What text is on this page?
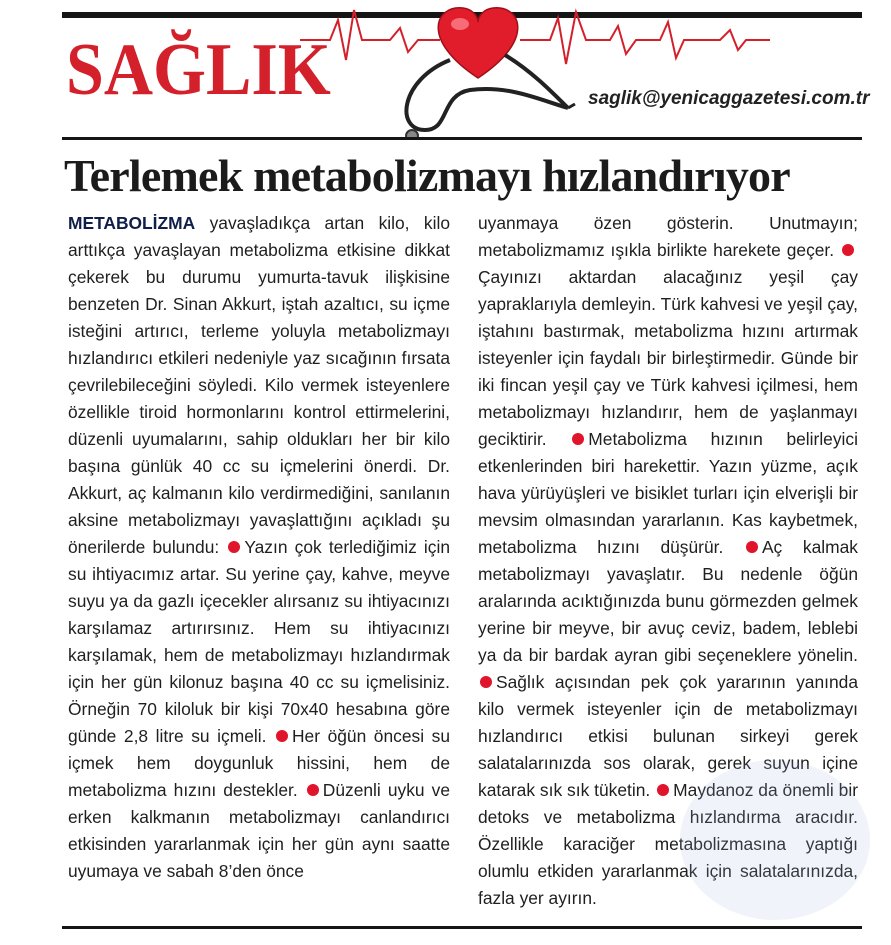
SAĞLIK	saglik@yenicaggazetesi.com.tr
Terlemek metabolizmayı hızlandırıyor

METABOLİZMA yavaşladıkça artan kilo, kilo arttıkça yavaşlayan metabolizma etkisine dikkat çekerek bu durumu yumurta-tavuk ilişkisine benzeten Dr. Sinan Akkurt, iştah azaltıcı, su içme isteğini artırıcı, terleme yoluyla metabolizmayı hızlandırıcı etkileri nedeniyle yaz sıcağının fırsata çevrilebileceğini söyledi. Kilo vermek isteyenlere özellikle tiroid hormonlarını kontrol ettirmelerini, düzenli uyumalarını, sahip oldukları her bir kilo başına günlük 40 cc su içmelerini önerdi. Dr. Akkurt, aç kalmanın kilo verdirmediğini, sanılanın aksine metabolizmayı yavaşlattığını açıkladı şu önerilerde bulundu: Yazın çok terlediğimiz için su ihtiyacımız artar. Su yerine çay, kahve, meyve suyu ya da gazlı içecekler alırsanız su ihtiyacınızı karşılamaz artırırsınız. Hem su ihtiyacınızı karşılamak, hem de metabolizmayı hızlandırmak için her gün kilonuz başına 40 cc su içmelisiniz. Örneğin 70 kiloluk bir kişi 70x40 hesabına göre günde 2,8 litre su içmeli. Her öğün öncesi su içmek hem doygunluk hissini, hem de metabolizma hızını destekler. Düzenli uyku ve erken kalkmanın metabolizmayı canlandırıcı etkisinden yararlanmak için her gün aynı saatte uyumaya ve sabah 8’den önce

uyanmaya özen gösterin. Unutmayın; metabolizmamız ışıkla birlikte harekete geçer. Çayınızı aktardan alacağınız yeşil çay yapraklarıyla demleyin. Türk kahvesi ve yeşil çay, iştahını bastırmak, metabolizma hızını artırmak isteyenler için faydalı bir birleştirmedir. Günde bir iki fincan yeşil çay ve Türk kahvesi içilmesi, hem metabolizmayı hızlandırır, hem de yaşlanmayı geciktirir. Metabolizma hızının belirleyici etkenlerinden biri harekettir. Yazın yüzme, açık hava yürüyüşleri ve bisiklet turları için elverişli bir mevsim olmasından yararlanın. Kas kaybetmek, metabolizma hızını düşürür. Aç kalmak metabolizmayı yavaşlatır. Bu nedenle öğün aralarında acıktığınızda bunu görmezden gelmek yerine bir meyve, bir avuç ceviz, badem, leblebi ya da bir bardak ayran gibi seçeneklere yönelin. Sağlık açısından pek çok yararının yanında kilo vermek isteyenler için de metabolizmayı hızlandırıcı etkisi bulunan sirkeyi gerek salatalarınızda sos olarak, gerek suyun içine katarak sık sık tüketin. Maydanoz da önemli bir detoks ve metabolizma hızlandırma aracıdır. Özellikle karaciğer metabolizmasına yaptığı olumlu etkiden yararlanmak için salatalarınızda, fazla yer ayırın.
